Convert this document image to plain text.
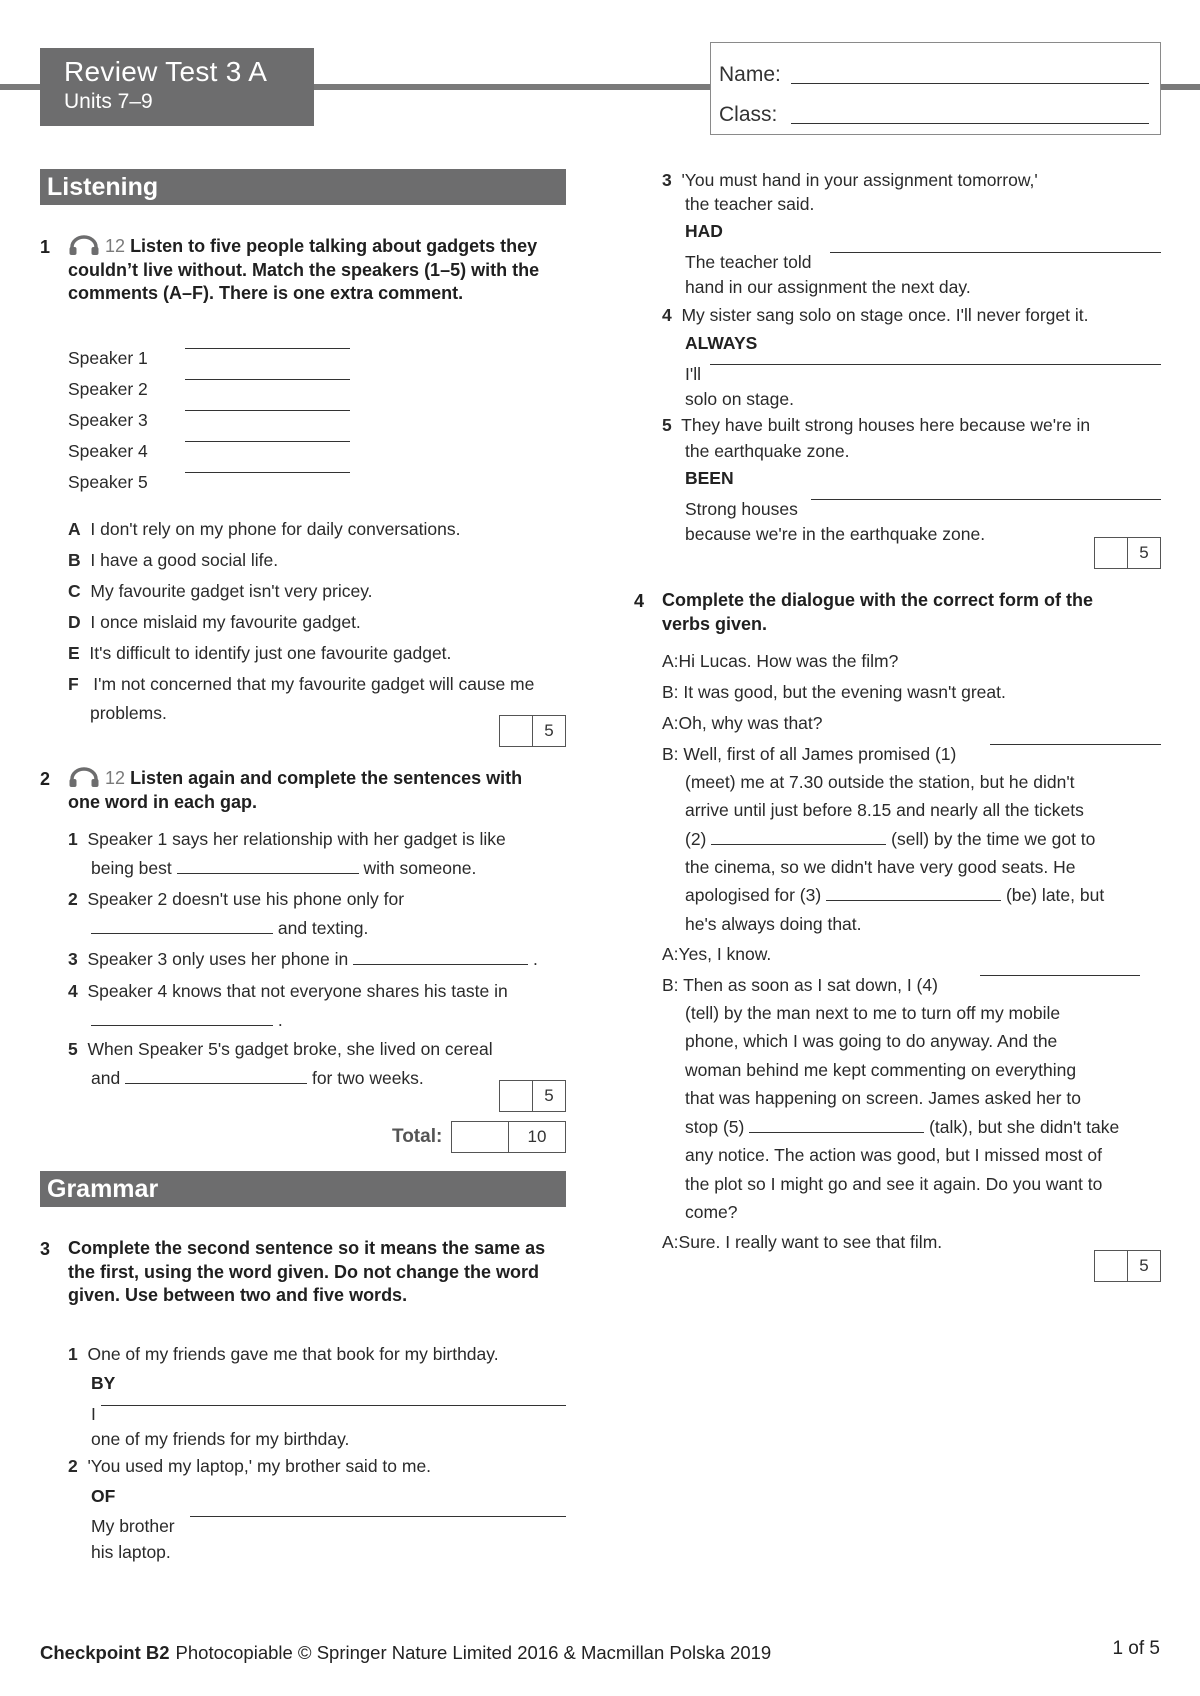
Review Test 3 A
Units 7–9
Name:
Class:
Listening
1	12 Listen to five people talking about gadgets they couldn’t live without. Match the speakers (1–5) with the comments (A–F). There is one extra comment.
Speaker 1
Speaker 2
Speaker 3
Speaker 4
Speaker 5
A I don't rely on my phone for daily conversations.
B I have a good social life.
C My favourite gadget isn't very pricey.
D I once mislaid my favourite gadget.
E It's difficult to identify just one favourite gadget.
F I'm not concerned that my favourite gadget will cause me problems.
5
2	12 Listen again and complete the sentences with one word in each gap.
1 Speaker 1 says her relationship with her gadget is like
being best	with someone.
2 Speaker 2 doesn't use his phone only for
and texting.
3 Speaker 3 only uses her phone in	.
4 Speaker 4 knows that not everyone shares his taste in
.
5 When Speaker 5's gadget broke, she lived on cereal
and	for two weeks.
5
Total:	10
Grammar
3 Complete the second sentence so it means the same as the first, using the word given. Do not change the word given. Use between two and five words.
1 One of my friends gave me that book for my birthday.
BY
I
one of my friends for my birthday.
2 'You used my laptop,' my brother said to me.
OF
My brother
his laptop.
3 'You must hand in your assignment tomorrow,'
the teacher said.
HAD
The teacher told
hand in our assignment the next day.
4 My sister sang solo on stage once. I'll never forget it.
ALWAYS
I'll
solo on stage.
5 They have built strong houses here because we're in
the earthquake zone.
BEEN
Strong houses
because we're in the earthquake zone.
5
4 Complete the dialogue with the correct form of the verbs given.
A:Hi Lucas. How was the film?
B: It was good, but the evening wasn't great.
A:Oh, why was that?
B: Well, first of all James promised (1)
(meet) me at 7.30 outside the station, but he didn't
arrive until just before 8.15 and nearly all the tickets
(2)	(sell) by the time we got to
the cinema, so we didn't have very good seats. He
apologised for (3)	(be) late, but
he's always doing that.
A:Yes, I know.
B: Then as soon as I sat down, I (4)
(tell) by the man next to me to turn off my mobile
phone, which I was going to do anyway. And the
woman behind me kept commenting on everything
that was happening on screen. James asked her to
stop (5)	(talk), but she didn't take
any notice. The action was good, but I missed most of
the plot so I might go and see it again. Do you want to
come?
A:Sure. I really want to see that film.
5
Checkpoint B2 Photocopiable © Springer Nature Limited 2016 & Macmillan Polska 2019	1 of 5
